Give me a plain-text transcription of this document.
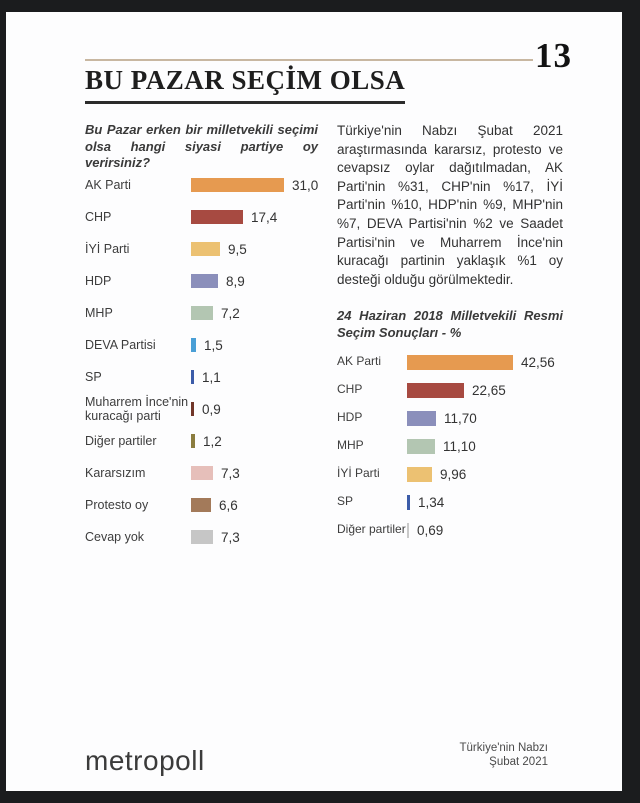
13
BU PAZAR SEÇİM OLSA

Bu Pazar erken bir milletvekili seçimi olsa hangi siyasi partiye oy verirsiniz?

AK Parti	31,0
CHP	17,4
İYİ Parti	9,5
HDP	8,9
MHP	7,2
DEVA Partisi	1,5
SP	1,1
Muharrem İnce'nin kuracağı parti	0,9
Diğer partiler	1,2
Kararsızım	7,3
Protesto oy	6,6
Cevap yok	7,3

Türkiye'nin Nabzı Şubat 2021 araştırmasında kararsız, protesto ve cevapsız oylar dağıtılmadan, AK Parti'nin %31, CHP'nin %17, İYİ Parti'nin %10, HDP'nin %9, MHP'nin %7, DEVA Partisi'nin %2 ve Saadet Partisi'nin ve Muharrem İnce'nin kuracağı partinin yaklaşık %1 oy desteği olduğu görülmektedir.

24 Haziran 2018 Milletvekili Resmi Seçim Sonuçları - %

AK Parti	42,56
CHP	22,65
HDP	11,70
MHP	11,10
İYİ Parti	9,96
SP	1,34
Diğer partiler 0,69
metropoll	Türkiye'nin Nabzı
Şubat 2021
